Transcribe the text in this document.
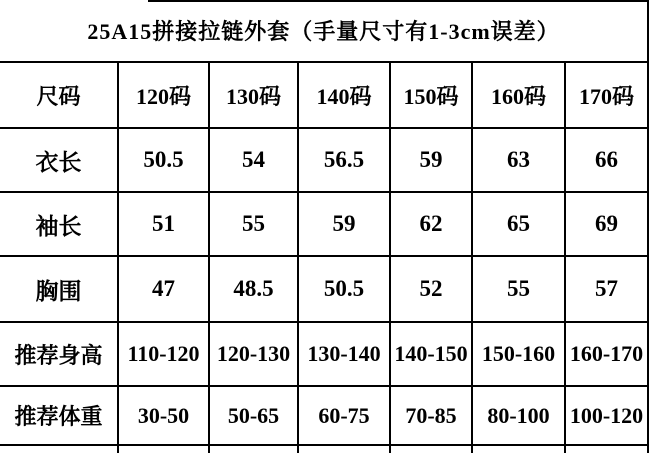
25A15拼接拉链外套（手量尺寸有1-3cm误差）						
尺码	120码	130码	140码	150码	160码	170码
衣长	50.5	54	56.5	59	63	66
袖长	51	55	59	62	65	69
胸围	47	48.5	50.5	52	55	57
推荐身高	110-120	120-130	130-140	140-150	150-160	160-170
推荐体重	30-50	50-65	60-75	70-85	80-100	100-120
